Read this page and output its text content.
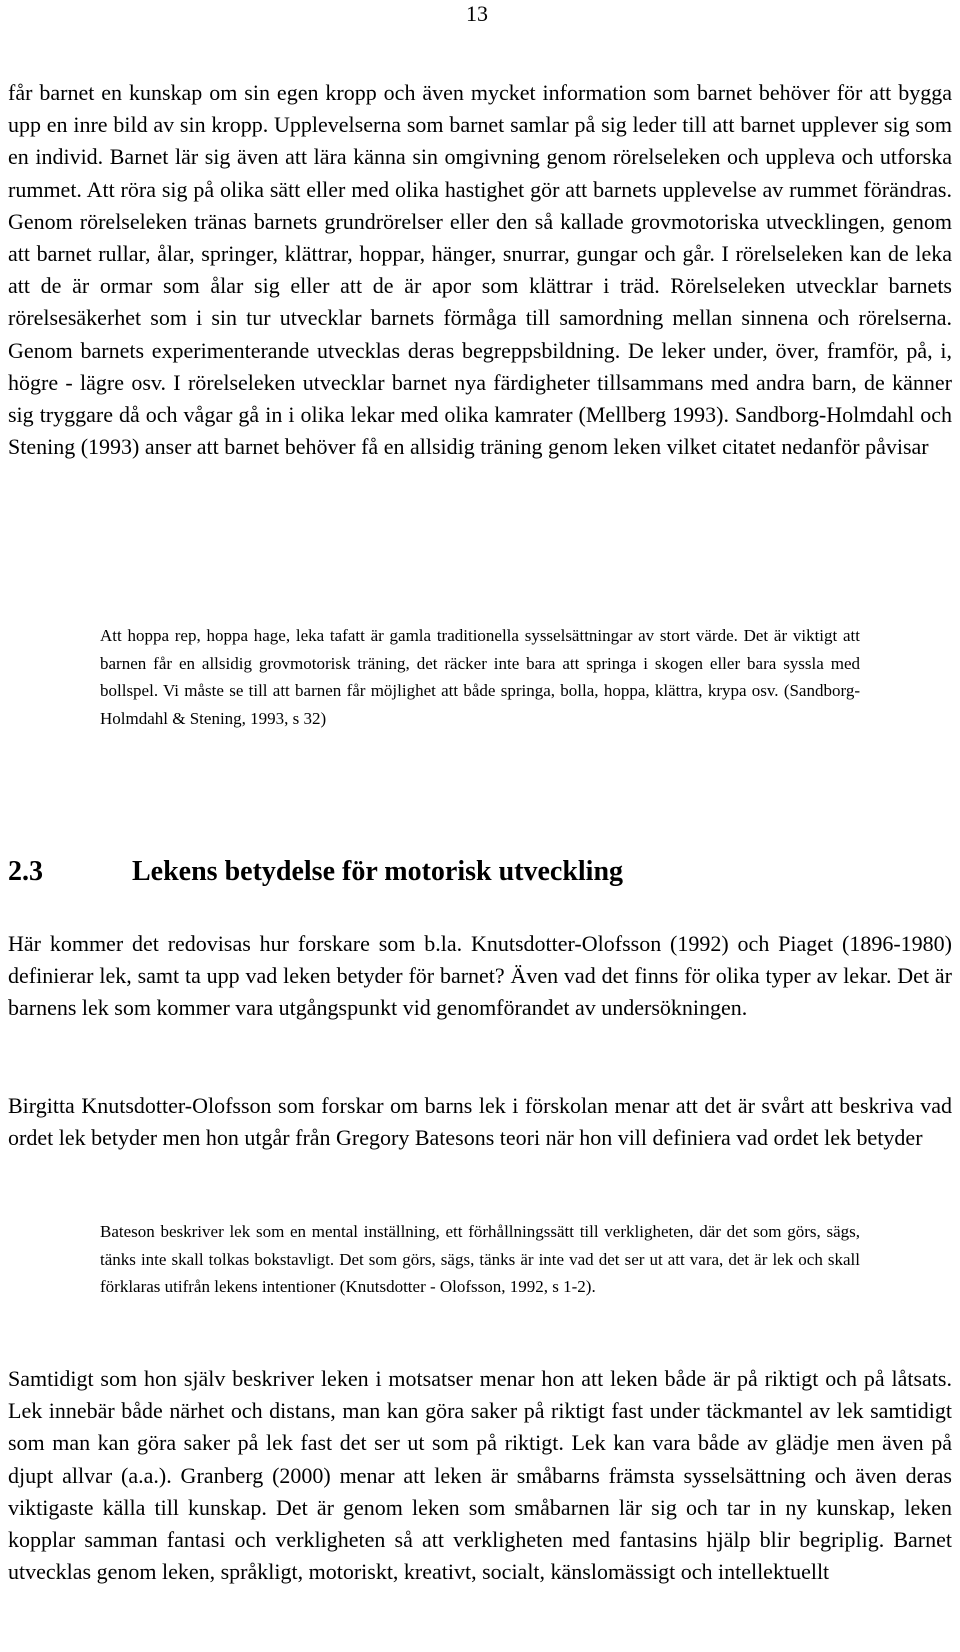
13

får barnet en kunskap om sin egen kropp och även mycket information som barnet behöver för att bygga upp en inre bild av sin kropp. Upplevelserna som barnet samlar på sig leder till att barnet upplever sig som en individ. Barnet lär sig även att lära känna sin omgivning genom rörelseleken och uppleva och utforska rummet. Att röra sig på olika sätt eller med olika hastighet gör att barnets upplevelse av rummet förändras. Genom rörelseleken tränas barnets grundrörelser eller den så kallade grovmotoriska utvecklingen, genom att barnet rullar, ålar, springer, klättrar, hoppar, hänger, snurrar, gungar och går. I rörelseleken kan de leka att de är ormar som ålar sig eller att de är apor som klättrar i träd. Rörelseleken utvecklar barnets rörelsesäkerhet som i sin tur utvecklar barnets förmåga till samordning mellan sinnena och rörelserna. Genom barnets experimenterande utvecklas deras begreppsbildning. De leker under, över, framför, på, i, högre - lägre osv. I rörelseleken utvecklar barnet nya färdigheter tillsammans med andra barn, de känner sig tryggare då och vågar gå in i olika lekar med olika kamrater (Mellberg 1993). Sandborg-Holmdahl och Stening (1993) anser att barnet behöver få en allsidig träning genom leken vilket citatet nedanför påvisar

Att hoppa rep, hoppa hage, leka tafatt är gamla traditionella sysselsättningar av stort värde. Det är viktigt att barnen får en allsidig grovmotorisk träning, det räcker inte bara att springa i skogen eller bara syssla med bollspel. Vi måste se till att barnen får möjlighet att både springa, bolla, hoppa, klättra, krypa osv. (Sandborg-Holmdahl & Stening, 1993, s 32)

2.3	Lekens betydelse för motorisk utveckling

Här kommer det redovisas hur forskare som b.la. Knutsdotter-Olofsson (1992) och Piaget (1896-1980) definierar lek, samt ta upp vad leken betyder för barnet? Även vad det finns för olika typer av lekar. Det är barnens lek som kommer vara utgångspunkt vid genomförandet av undersökningen.

Birgitta Knutsdotter-Olofsson som forskar om barns lek i förskolan menar att det är svårt att beskriva vad ordet lek betyder men hon utgår från Gregory Batesons teori när hon vill definiera vad ordet lek betyder

Bateson beskriver lek som en mental inställning, ett förhållningssätt till verkligheten, där det som görs, sägs, tänks inte skall tolkas bokstavligt. Det som görs, sägs, tänks är inte vad det ser ut att vara, det är lek och skall förklaras utifrån lekens intentioner (Knutsdotter - Olofsson, 1992, s 1-2).

Samtidigt som hon själv beskriver leken i motsatser menar hon att leken både är på riktigt och på låtsats. Lek innebär både närhet och distans, man kan göra saker på riktigt fast under täckmantel av lek samtidigt som man kan göra saker på lek fast det ser ut som på riktigt. Lek kan vara både av glädje men även på djupt allvar (a.a.). Granberg (2000) menar att leken är småbarns främsta sysselsättning och även deras viktigaste källa till kunskap. Det är genom leken som småbarnen lär sig och tar in ny kunskap, leken kopplar samman fantasi och verkligheten så att verkligheten med fantasins hjälp blir begriplig. Barnet utvecklas genom leken, språkligt, motoriskt, kreativt, socialt, känslomässigt och intellektuellt
